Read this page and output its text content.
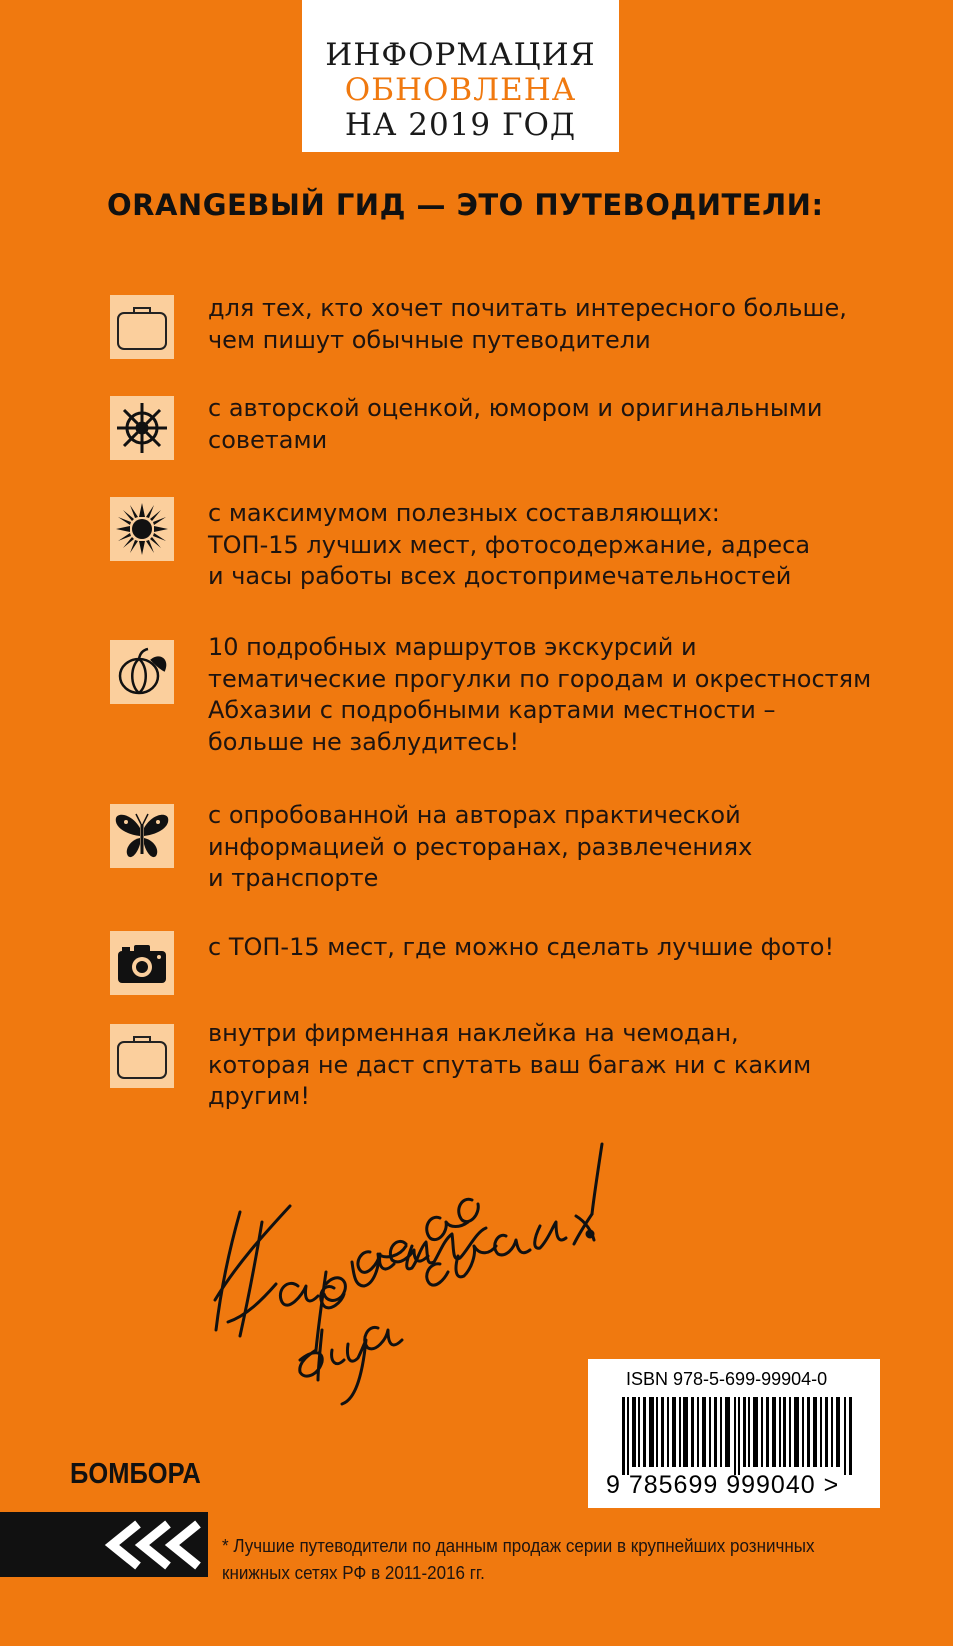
ИНФОРМАЦИЯ
ОБНОВЛЕНА
НА 2019 ГОД
ORANGEВЫЙ ГИД — ЭТО ПУТЕВОДИТЕЛИ:
для тех, кто хочет почитать интересного больше,
чем пишут обычные путеводители
с авторской оценкой, юмором и оригинальными
советами
с максимумом полезных составляющих:
ТОП-15 лучших мест, фотосодержание, адреса
и часы работы всех достопримечательностей
10 подробных маршрутов экскурсий и
тематические прогулки по городам и окрестностям
Абхазии с подробными картами местности –
больше не заблудитесь!
с опробованной на авторах практической
информацией о ресторанах, развлечениях
и транспорте
с ТОП-15 мест, где можно сделать лучшие фото!
внутри фирменная наклейка на чемодан,
которая не даст спутать ваш багаж ни с каким
другим!
ISBN 978-5-699-99904-0
9 785699 999040 >
БОМБОРА
* Лучшие путеводители по данным продаж серии в крупнейших розничных
книжных сетях РФ в 2011-2016 гг.
